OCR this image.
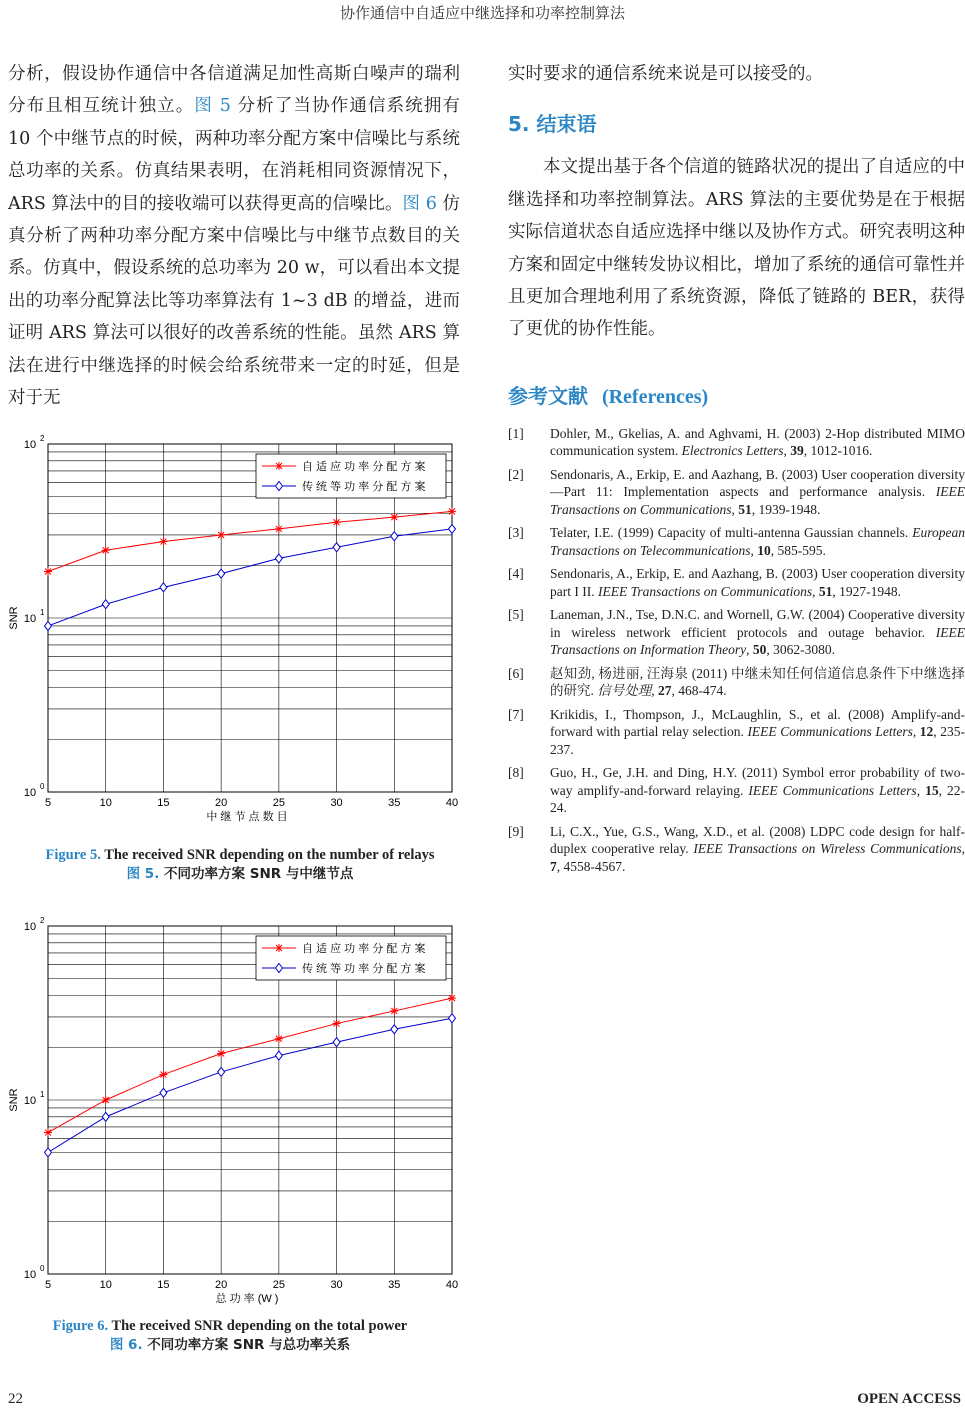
协作通信中自适应中继选择和功率控制算法

分析，假设协作通信中各信道满足加性高斯白噪声的瑞利分布且相互统计独立。图 5 分析了当协作通信系统拥有 10 个中继节点的时候，两种功率分配方案中信噪比与系统总功率的关系。仿真结果表明，在消耗相同资源情况下，ARS 算法中的目的接收端可以获得更高的信噪比。图 6 仿真分析了两种功率分配方案中信噪比与中继节点数目的关系。仿真中，假设系统的总功率为 20 w，可以看出本文提出的功率分配算法比等功率算法有 1~3 dB 的增益，进而证明 ARS 算法可以很好的改善系统的性能。虽然 ARS 算法在进行中继选择的时候会给系统带来一定的时延，但是对于无

5	10	15	20	25	30	35	40
10
0
10
1
10
2
中 继 节 点 数 目
SNR
自 适 应 功 率 分 配 方 案
传 统 等 功 率 分 配 方 案
Figure 5. The received SNR depending on the number of relays
图 5. 不同功率方案 SNR 与中继节点
5	10	15	20	25	30	35	40
10
0
10
1
10
2
总 功 率 (W )
SNR
自 适 应 功 率 分 配 方 案
传 统 等 功 率 分 配 方 案
Figure 6. The received SNR depending on the total power
图 6. 不同功率方案 SNR 与总功率关系

实时要求的通信系统来说是可以接受的。

5. 结束语

本文提出基于各个信道的链路状况的提出了自适应的中继选择和功率控制算法。ARS 算法的主要优势是在于根据实际信道状态自适应选择中继以及协作方式。研究表明这种方案和固定中继转发协议相比，增加了系统的通信可靠性并且更加合理地利用了系统资源，降低了链路的 BER，获得了更优的协作性能。

参考文献 (References)
[1]	Dohler, M., Gkelias, A. and Aghvami, H. (2003) 2-Hop distributed MIMO communication system. Electronics Letters, 39, 1012-1016.
[2]	Sendonaris, A., Erkip, E. and Aazhang, B. (2003) User cooperation diversity—Part 11: Implementation aspects and performance analysis. IEEE Transactions on Communications, 51, 1939-1948.
[3]	Telater, I.E. (1999) Capacity of multi-antenna Gaussian channels. European Transactions on Telecommunications, 10, 585-595.
[4]	Sendonaris, A., Erkip, E. and Aazhang, B. (2003) User cooperation diversity part I II. IEEE Transactions on Communications, 51, 1927-1948.
[5]	Laneman, J.N., Tse, D.N.C. and Wornell, G.W. (2004) Cooperative diversity in wireless network efficient protocols and outage behavior. IEEE Transactions on Information Theory, 50, 3062-3080.
[6]	赵知劲, 杨进丽, 汪海泉 (2011) 中继未知任何信道信息条件下中继选择的研究. 信号处理, 27, 468-474.
[7]	Krikidis, I., Thompson, J., McLaughlin, S., et al. (2008) Amplify-and-forward with partial relay selection. IEEE Communications Letters, 12, 235-237.
[8]	Guo, H., Ge, J.H. and Ding, H.Y. (2011) Symbol error probability of two-way amplify-and-forward relaying. IEEE Communications Letters, 15, 22-24.
[9]	Li, C.X., Yue, G.S., Wang, X.D., et al. (2008) LDPC code design for half-duplex cooperative relay. IEEE Transactions on Wireless Communications, 7, 4558-4567.
22	OPEN ACCESS
